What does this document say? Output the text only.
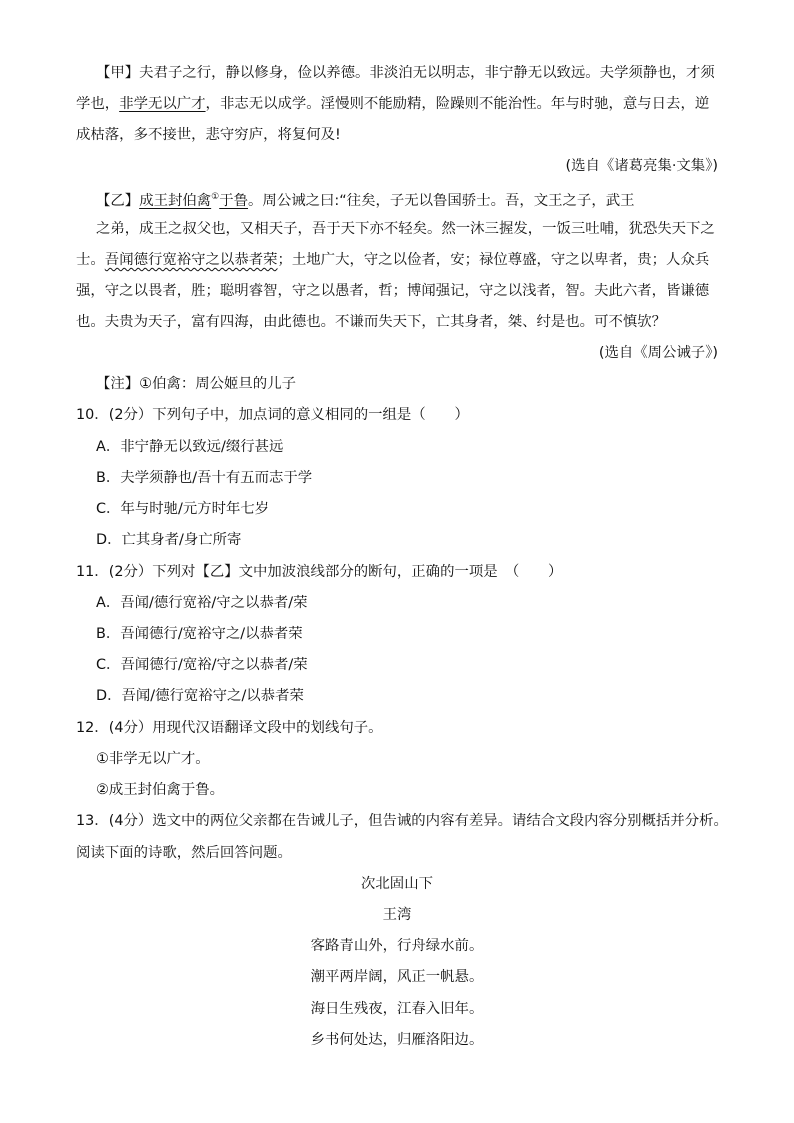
【甲】夫君子之行，静以修身，俭以养德。非淡泊无以明志，非宁静无以致远。夫学须静也，才须
学也，非学无以广才，非志无以成学。淫慢则不能励精，险躁则不能治性。年与时驰，意与日去，逆
成枯落，多不接世，悲守穷庐，将复何及!
(选自《诸葛亮集·文集》)
【乙】成王封伯禽①于鲁。周公诫之曰:“往矣，子无以鲁国骄士。吾，文王之子，武王
之弟，成王之叔父也，又相天子，吾于天下亦不轻矣。然一沐三握发，一饭三吐哺，犹恐失天下之
士。吾闻德行宽裕守之以恭者荣；土地广大，守之以俭者，安；禄位尊盛，守之以卑者，贵；人众兵
强，守之以畏者，胜；聪明睿智，守之以愚者，哲；博闻强记，守之以浅者，智。夫此六者，皆谦德
也。夫贵为天子，富有四海，由此德也。不谦而失天下，亡其身者，桀、纣是也。可不慎欤？
(选自《周公诫子》)
【注】①伯禽：周公姬旦的儿子
10．(2分）下列句子中，加点词的意义相同的一组是（　　）
A．非宁静无以致远/缀行甚远
B．夫学须静也/吾十有五而志于学
C．年与时驰/元方时年七岁
D．亡其身者/身亡所寄
11．(2分）下列对【乙】文中加波浪线部分的断句，正确的一项是　（　　）
A．吾闻/德行宽裕/守之以恭者/荣
B．吾闻德行/宽裕守之/以恭者荣
C．吾闻德行/宽裕/守之以恭者/荣
D．吾闻/德行宽裕守之/以恭者荣
12．(4分）用现代汉语翻译文段中的划线句子。
①非学无以广才。
②成王封伯禽于鲁。
13．(4分）选文中的两位父亲都在告诫儿子，但告诫的内容有差异。请结合文段内容分别概括并分析。
阅读下面的诗歌，然后回答问题。
次北固山下
王湾
客路青山外，行舟绿水前。
潮平两岸阔，风正一帆悬。
海日生残夜，江春入旧年。
乡书何处达，归雁洛阳边。
